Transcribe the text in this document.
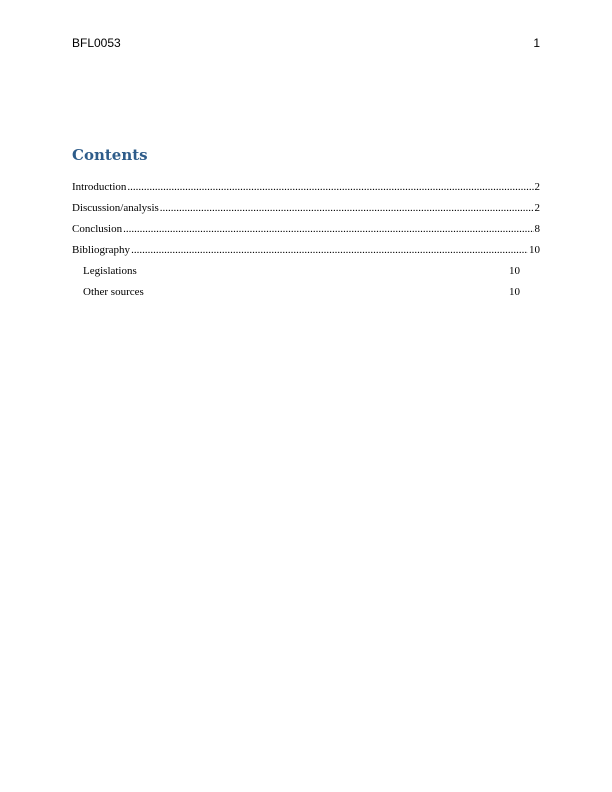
BFL0053	1
Contents
Introduction .....	2
Discussion/analysis .....	2
Conclusion .....	8
Bibliography .....	10
Legislations	10
Other sources	10
